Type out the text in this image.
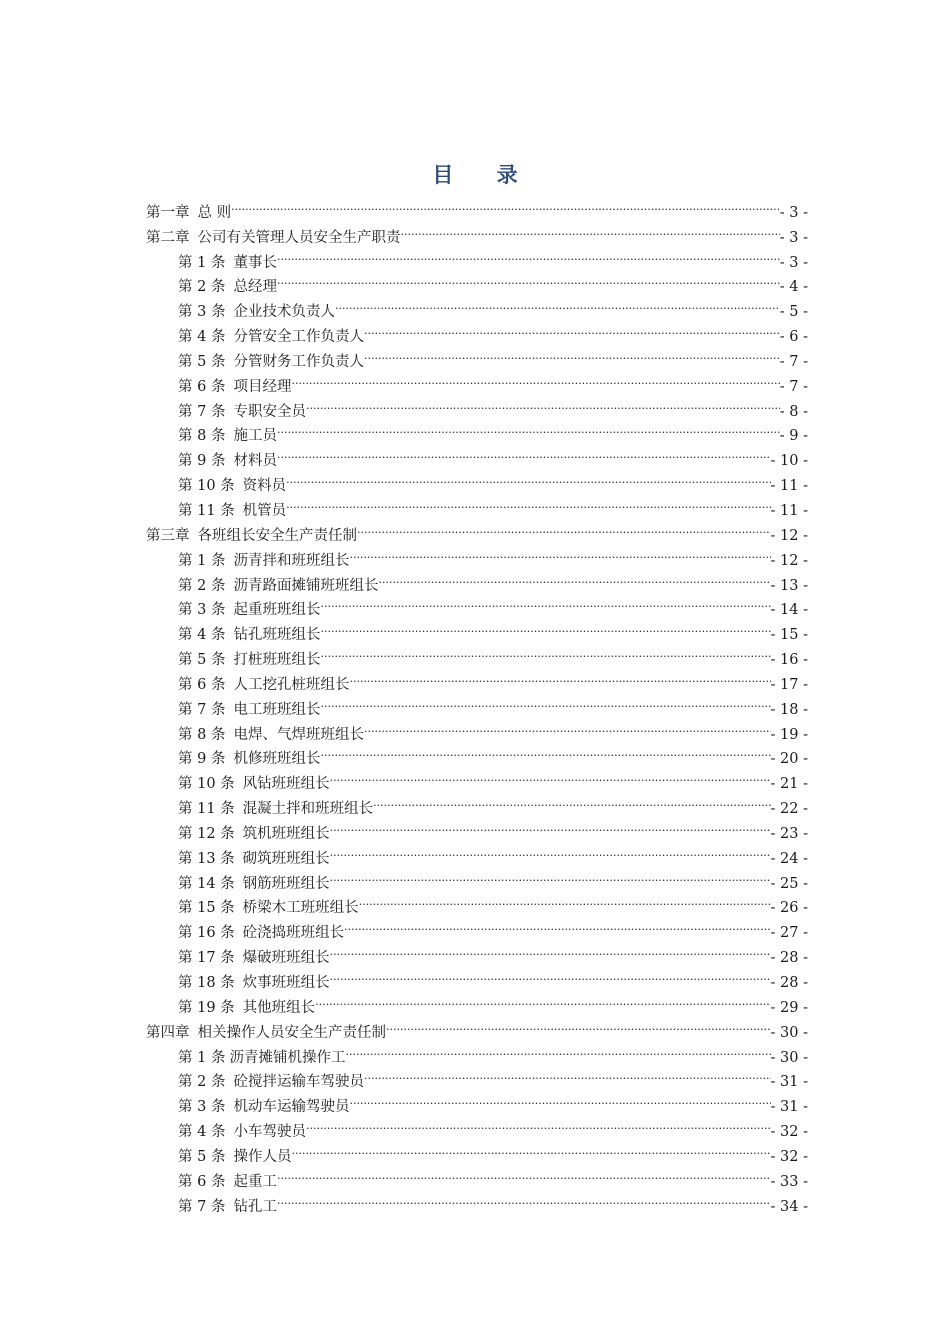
目 录
第一章 总 则 .....	- 3 -
第二章 公司有关管理人员安全生产职责 .....	- 3 -
第 1 条 董事长 .....	- 3 -
第 2 条 总经理 .....	- 4 -
第 3 条 企业技术负责人 .....	- 5 -
第 4 条 分管安全工作负责人 .....	- 6 -
第 5 条 分管财务工作负责人 .....	- 7 -
第 6 条 项目经理 .....	- 7 -
第 7 条 专职安全员 .....	- 8 -
第 8 条 施工员 .....	- 9 -
第 9 条 材料员 .....	- 10 -
第 10 条 资料员 .....	- 11 -
第 11 条 机管员 .....	- 11 -
第三章 各班组长安全生产责任制 .....	- 12 -
第 1 条 沥青拌和班班组长 .....	- 12 -
第 2 条 沥青路面摊铺班班组长 .....	- 13 -
第 3 条 起重班班组长 .....	- 14 -
第 4 条 钻孔班班组长 .....	- 15 -
第 5 条 打桩班班组长 .....	- 16 -
第 6 条 人工挖孔桩班组长 .....	- 17 -
第 7 条 电工班班组长 .....	- 18 -
第 8 条 电焊、气焊班班组长 .....	- 19 -
第 9 条 机修班班组长 .....	- 20 -
第 10 条 风钻班班组长 .....	- 21 -
第 11 条 混凝土拌和班班组长 .....	- 22 -
第 12 条 筑机班班组长 .....	- 23 -
第 13 条 砌筑班班组长 .....	- 24 -
第 14 条 钢筋班班组长 .....	- 25 -
第 15 条 桥梁木工班班组长 .....	- 26 -
第 16 条 砼浇捣班班组长 .....	- 27 -
第 17 条 爆破班班组长 .....	- 28 -
第 18 条 炊事班班组长 .....	- 28 -
第 19 条 其他班组长 .....	- 29 -
第四章 相关操作人员安全生产责任制 .....	- 30 -
第 1 条 沥青摊铺机操作工 .....	- 30 -
第 2 条 砼搅拌运输车驾驶员 .....	- 31 -
第 3 条 机动车运输驾驶员 .....	- 31 -
第 4 条 小车驾驶员 .....	- 32 -
第 5 条 操作人员 .....	- 32 -
第 6 条 起重工 .....	- 33 -
第 7 条 钻孔工 .....	- 34 -
